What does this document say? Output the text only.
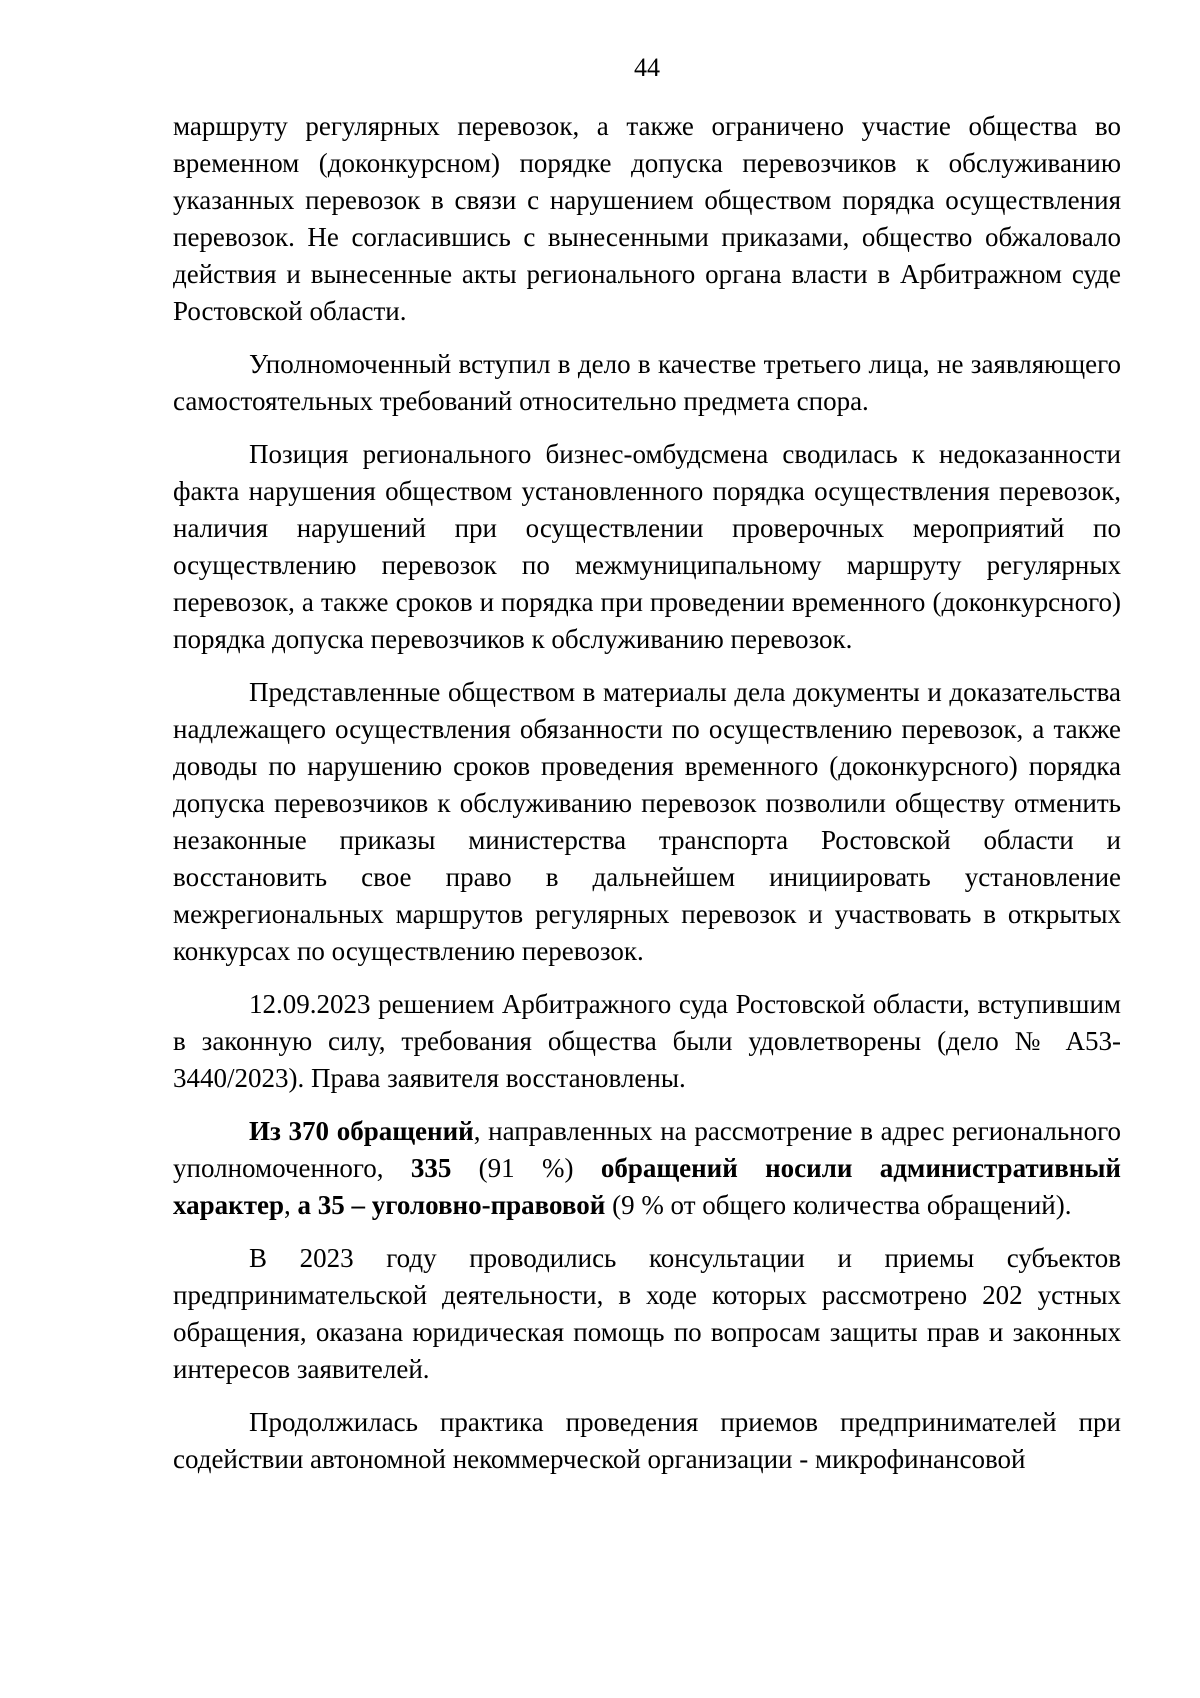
44

маршруту регулярных перевозок, а также ограничено участие общества во временном (доконкурсном) порядке допуска перевозчиков к обслуживанию указанных перевозок в связи с нарушением обществом порядка осуществления перевозок. Не согласившись с вынесенными приказами, общество обжаловало действия и вынесенные акты регионального органа власти в Арбитражном суде Ростовской области.

Уполномоченный вступил в дело в качестве третьего лица, не заявляющего самостоятельных требований относительно предмета спора.

Позиция регионального бизнес-омбудсмена сводилась к недоказанности факта нарушения обществом установленного порядка осуществления перевозок, наличия нарушений при осуществлении проверочных мероприятий по осуществлению перевозок по межмуниципальному маршруту регулярных перевозок, а также сроков и порядка при проведении временного (доконкурсного) порядка допуска перевозчиков к обслуживанию перевозок.

Представленные обществом в материалы дела документы и доказательства надлежащего осуществления обязанности по осуществлению перевозок, а также доводы по нарушению сроков проведения временного (доконкурсного) порядка допуска перевозчиков к обслуживанию перевозок позволили обществу отменить незаконные приказы министерства транспорта Ростовской области и восстановить свое право в дальнейшем инициировать установление межрегиональных маршрутов регулярных перевозок и участвовать в открытых конкурсах по осуществлению перевозок.

12.09.2023 решением Арбитражного суда Ростовской области, вступившим в законную силу, требования общества были удовлетворены (дело № А53-3440/2023). Права заявителя восстановлены.

Из 370 обращений, направленных на рассмотрение в адрес регионального уполномоченного, 335 (91 %) обращений носили административный характер, а 35 – уголовно-правовой (9 % от общего количества обращений).

В 2023 году проводились консультации и приемы субъектов предпринимательской деятельности, в ходе которых рассмотрено 202 устных обращения, оказана юридическая помощь по вопросам защиты прав и законных интересов заявителей.

Продолжилась практика проведения приемов предпринимателей при содействии автономной некоммерческой организации - микрофинансовой
